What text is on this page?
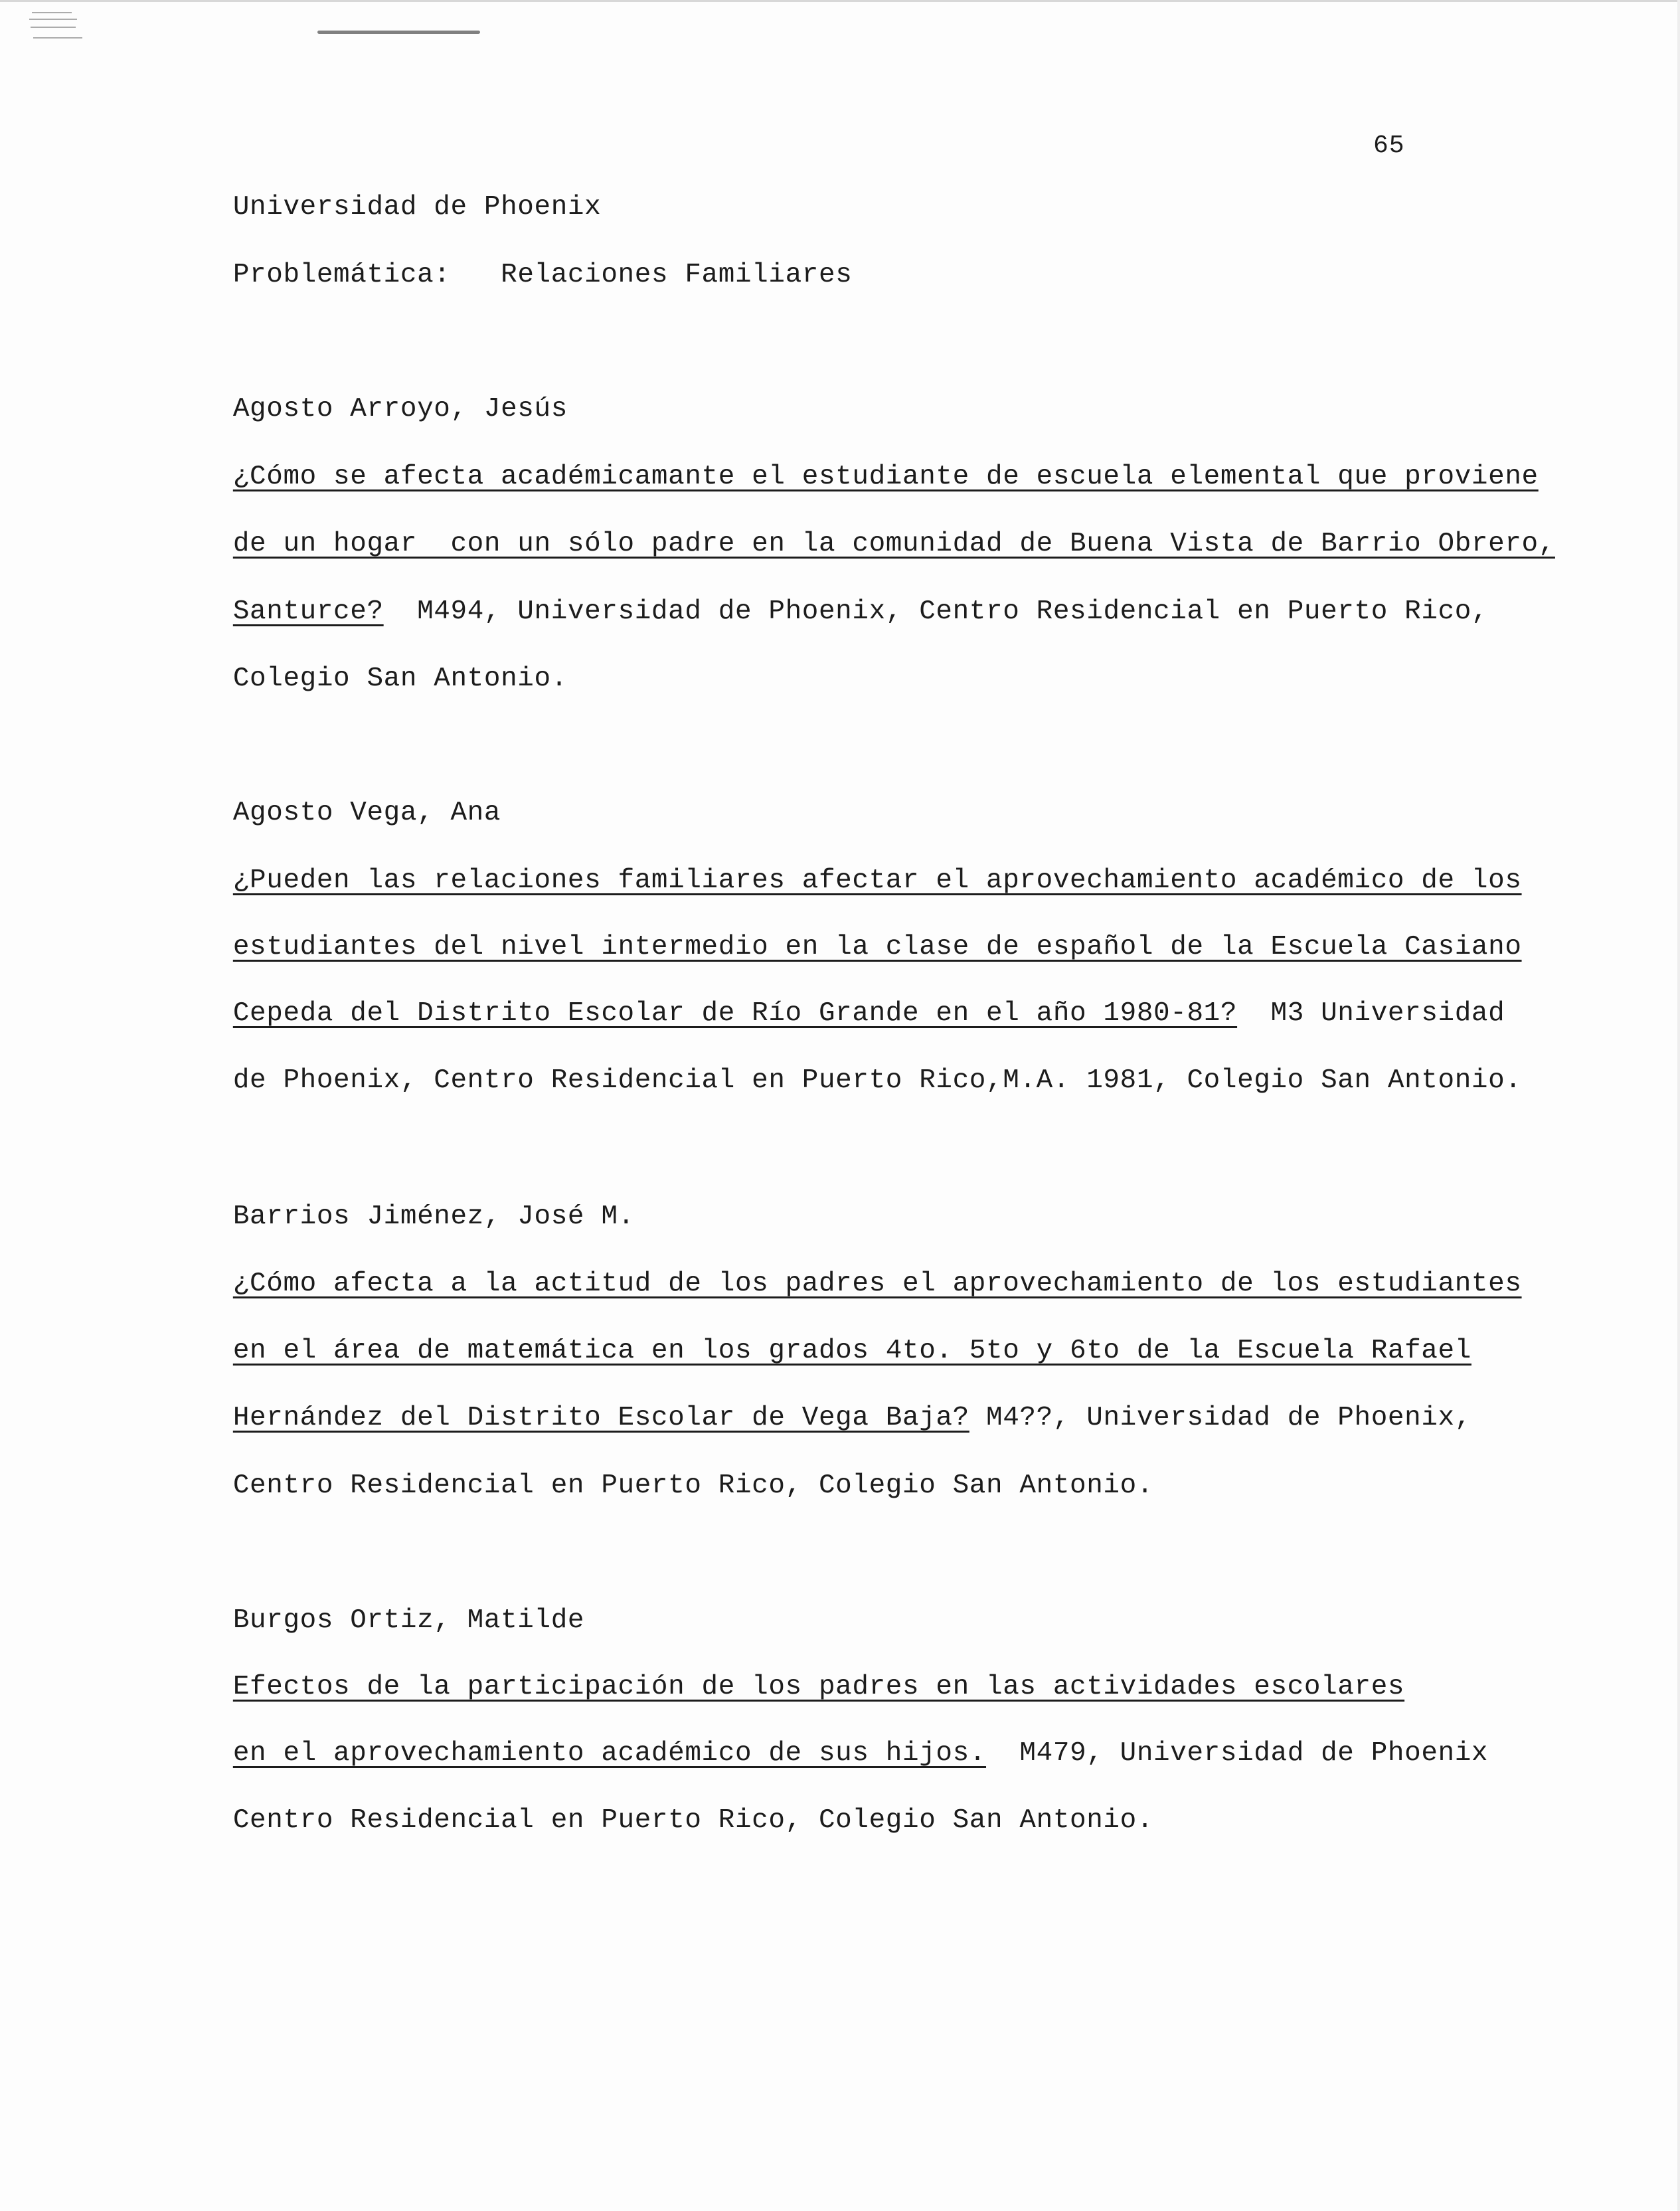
65

Universidad de Phoenix

Problemática: Relaciones Familiares

Agosto Arroyo, Jesús

¿Cómo se afecta académicamante el estudiante de escuela elemental que proviene

de un hogar  con un sólo padre en la comunidad de Buena Vista de Barrio Obrero,

Santurce?  M494, Universidad de Phoenix, Centro Residencial en Puerto Rico,

Colegio San Antonio.

Agosto Vega, Ana

¿Pueden las relaciones familiares afectar el aprovechamiento académico de los

estudiantes del nivel intermedio en la clase de español de la Escuela Casiano

Cepeda del Distrito Escolar de Río Grande en el año 1980-81?  M3 Universidad

de Phoenix, Centro Residencial en Puerto Rico,M.A. 1981, Colegio San Antonio.

Barrios Jiménez, José M.

¿Cómo afecta a la actitud de los padres el aprovechamiento de los estudiantes

en el área de matemática en los grados 4to. 5to y 6to de la Escuela Rafael

Hernández del Distrito Escolar de Vega Baja? M4??, Universidad de Phoenix,

Centro Residencial en Puerto Rico, Colegio San Antonio.

Burgos Ortiz, Matilde

Efectos de la participación de los padres en las actividades escolares

en el aprovechamiento académico de sus hijos.  M479, Universidad de Phoenix

Centro Residencial en Puerto Rico, Colegio San Antonio.
